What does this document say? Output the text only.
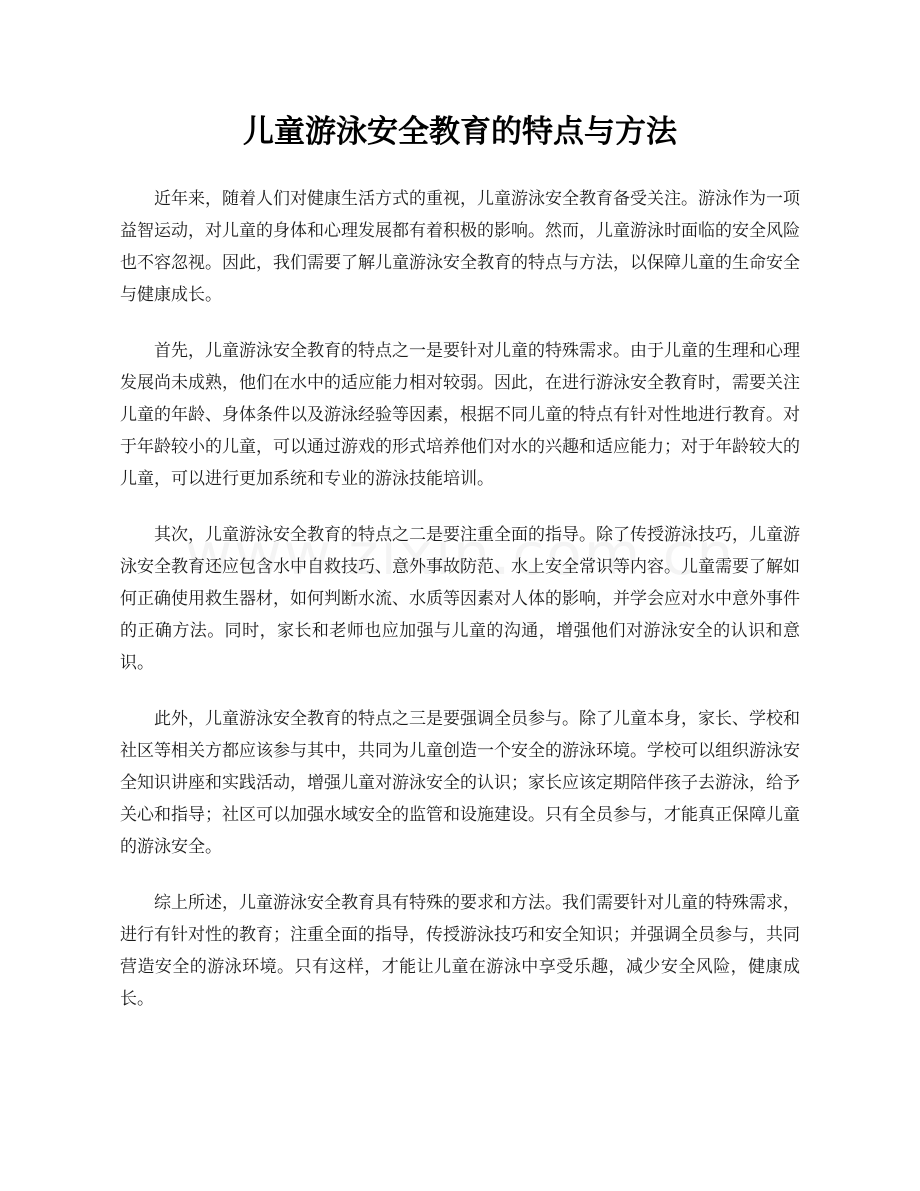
儿童游泳安全教育的特点与方法

近年来，随着人们对健康生活方式的重视，儿童游泳安全教育备受关注。游泳作为一项益智运动，对儿童的身体和心理发展都有着积极的影响。然而，儿童游泳时面临的安全风险也不容忽视。因此，我们需要了解儿童游泳安全教育的特点与方法，以保障儿童的生命安全与健康成长。

首先，儿童游泳安全教育的特点之一是要针对儿童的特殊需求。由于儿童的生理和心理发展尚未成熟，他们在水中的适应能力相对较弱。因此，在进行游泳安全教育时，需要关注儿童的年龄、身体条件以及游泳经验等因素，根据不同儿童的特点有针对性地进行教育。对于年龄较小的儿童，可以通过游戏的形式培养他们对水的兴趣和适应能力；对于年龄较大的儿童，可以进行更加系统和专业的游泳技能培训。

其次，儿童游泳安全教育的特点之二是要注重全面的指导。除了传授游泳技巧，儿童游泳安全教育还应包含水中自救技巧、意外事故防范、水上安全常识等内容。儿童需要了解如何正确使用救生器材，如何判断水流、水质等因素对人体的影响，并学会应对水中意外事件的正确方法。同时，家长和老师也应加强与儿童的沟通，增强他们对游泳安全的认识和意识。

此外，儿童游泳安全教育的特点之三是要强调全员参与。除了儿童本身，家长、学校和社区等相关方都应该参与其中，共同为儿童创造一个安全的游泳环境。学校可以组织游泳安全知识讲座和实践活动，增强儿童对游泳安全的认识；家长应该定期陪伴孩子去游泳，给予关心和指导；社区可以加强水域安全的监管和设施建设。只有全员参与，才能真正保障儿童的游泳安全。

综上所述，儿童游泳安全教育具有特殊的要求和方法。我们需要针对儿童的特殊需求，进行有针对性的教育；注重全面的指导，传授游泳技巧和安全知识；并强调全员参与，共同营造安全的游泳环境。只有这样，才能让儿童在游泳中享受乐趣，减少安全风险，健康成长。
